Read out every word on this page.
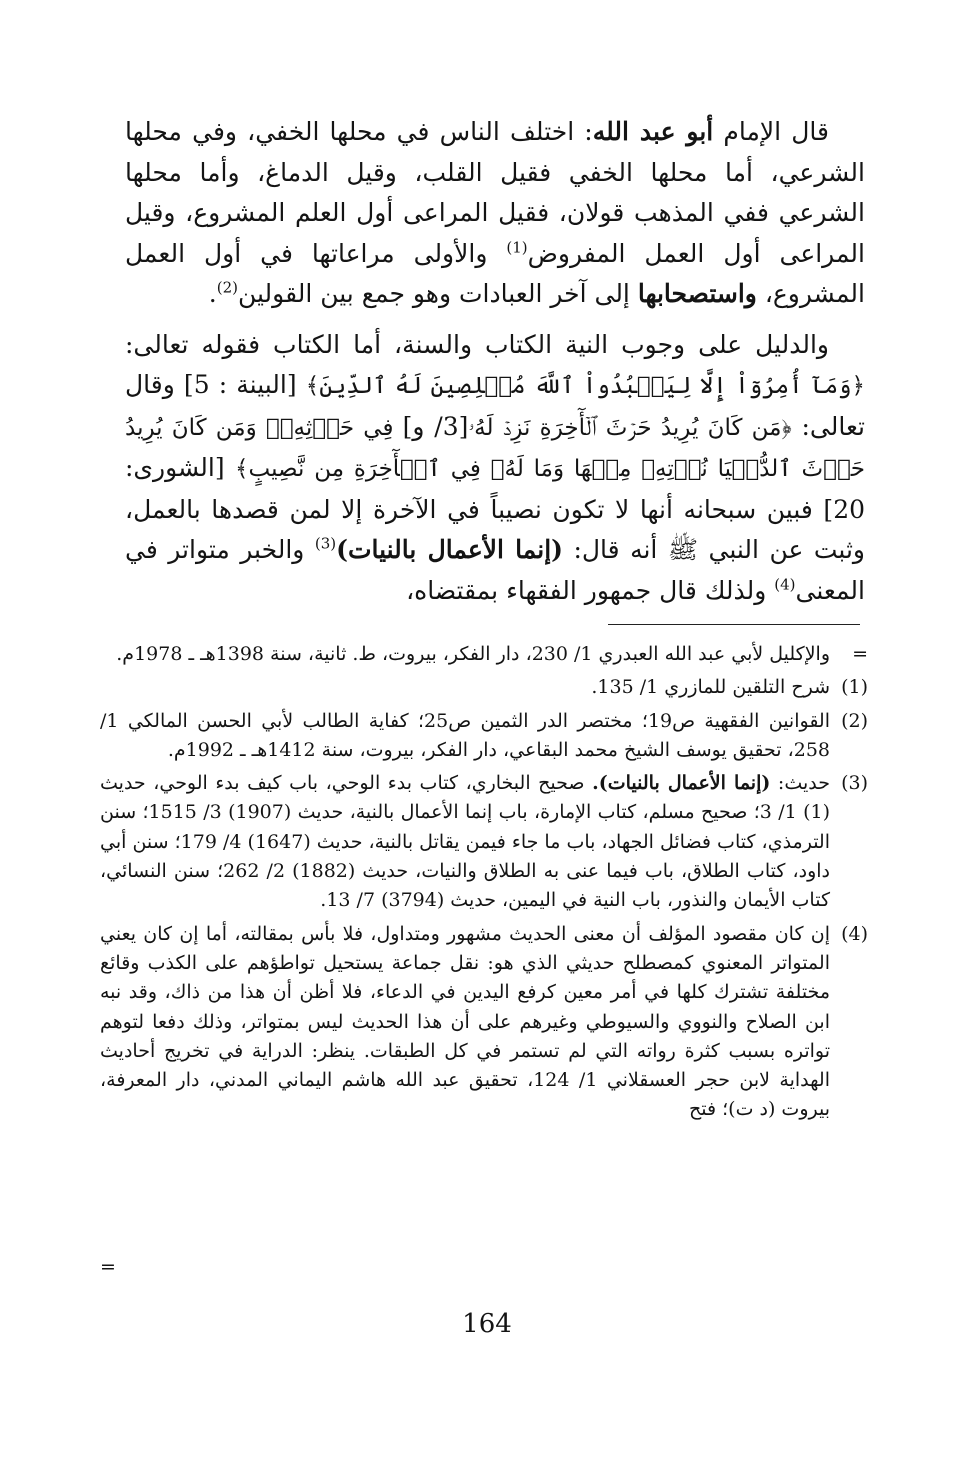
قال الإمام أبو عبد الله: اختلف الناس في محلها الخفي، وفي محلها الشرعي، أما محلها الخفي فقيل القلب، وقيل الدماغ، وأما محلها الشرعي ففي المذهب قولان، فقيل المراعى أول العلم المشروع، وقيل المراعى أول العمل المفروض$^{(1)}$ والأولى مراعاتها في أول العمل المشروع، واستصحابها إلى آخر العبادات وهو جمع بين القولين$^{(2)}$.

والدليل على وجوب النية الكتاب والسنة، أما الكتاب فقوله تعالى: ﴿وَمَآ أُمِرُوٓاْ إِلَّا لِيَعۡبُدُواْ ٱللَّهَ مُخۡلِصِينَ لَهُ ٱلدِّينَ﴾ [البينة : 5] وقال تعالى: ﴿مَن كَانَ يُرِيدُ حَرۡثَ ٱلۡأٓخِرَةِ نَزِدۡ لَهُۥ[3/ و] فِي حَرۡثِهِۦۖ وَمَن كَانَ يُرِيدُ حَرۡثَ ٱلدُّنۡيَا نُؤۡتِهِۦ مِنۡهَا وَمَا لَهُۥ فِي ٱلۡأٓخِرَةِ مِن نَّصِيبٍ﴾ [الشورى: 20] فبين سبحانه أنها لا تكون نصيباً في الآخرة إلا لمن قصدها بالعمل، وثبت عن النبي ﷺ أنه قال: (إنما الأعمال بالنيات)$^{(3)}$ والخبر متواتر في المعنى$^{(4)}$ ولذلك قال جمهور الفقهاء بمقتضاه،

=
والإكليل لأبي عبد الله العبدري 1/ 230، دار الفكر، بيروت، ط. ثانية، سنة 1398هـ ـ 1978م.
(1)
شرح التلقين للمازري 1/ 135.
(2)
القوانين الفقهية ص19؛ مختصر الدر الثمين ص25؛ كفاية الطالب لأبي الحسن المالكي 1/ 258، تحقيق يوسف الشيخ محمد البقاعي، دار الفكر، بيروت، سنة 1412هـ ـ 1992م.
(3)
حديث: (إنما الأعمال بالنيات). صحيح البخاري، كتاب بدء الوحي، باب كيف بدء الوحي، حديث (1) 1/ 3؛ صحيح مسلم، كتاب الإمارة، باب إنما الأعمال بالنية، حديث (1907) 3/ 1515؛ سنن الترمذي، كتاب فضائل الجهاد، باب ما جاء فيمن يقاتل بالنية، حديث (1647) 4/ 179؛ سنن أبي داود، كتاب الطلاق، باب فيما عنى به الطلاق والنيات، حديث (1882) 2/ 262؛ سنن النسائي، كتاب الأيمان والنذور، باب النية في اليمين، حديث (3794) 7/ 13.
(4)
إن كان مقصود المؤلف أن معنى الحديث مشهور ومتداول، فلا بأس بمقالته، أما إن كان يعني المتواتر المعنوي كمصطلح حديثي الذي هو: نقل جماعة يستحيل تواطؤهم على الكذب وقائع مختلفة تشترك كلها في أمر معين كرفع اليدين في الدعاء، فلا أظن أن هذا من ذاك، وقد نبه ابن الصلاح والنووي والسيوطي وغيرهم على أن هذا الحديث ليس بمتواتر، وذلك دفعا لتوهم تواتره بسبب كثرة رواته التي لم تستمر في كل الطبقات. ينظر: الدراية في تخريج أحاديث الهداية لابن حجر العسقلاني 1/ 124، تحقيق عبد الله هاشم اليماني المدني، دار المعرفة، بيروت (د ت)؛ فتح
=
164
